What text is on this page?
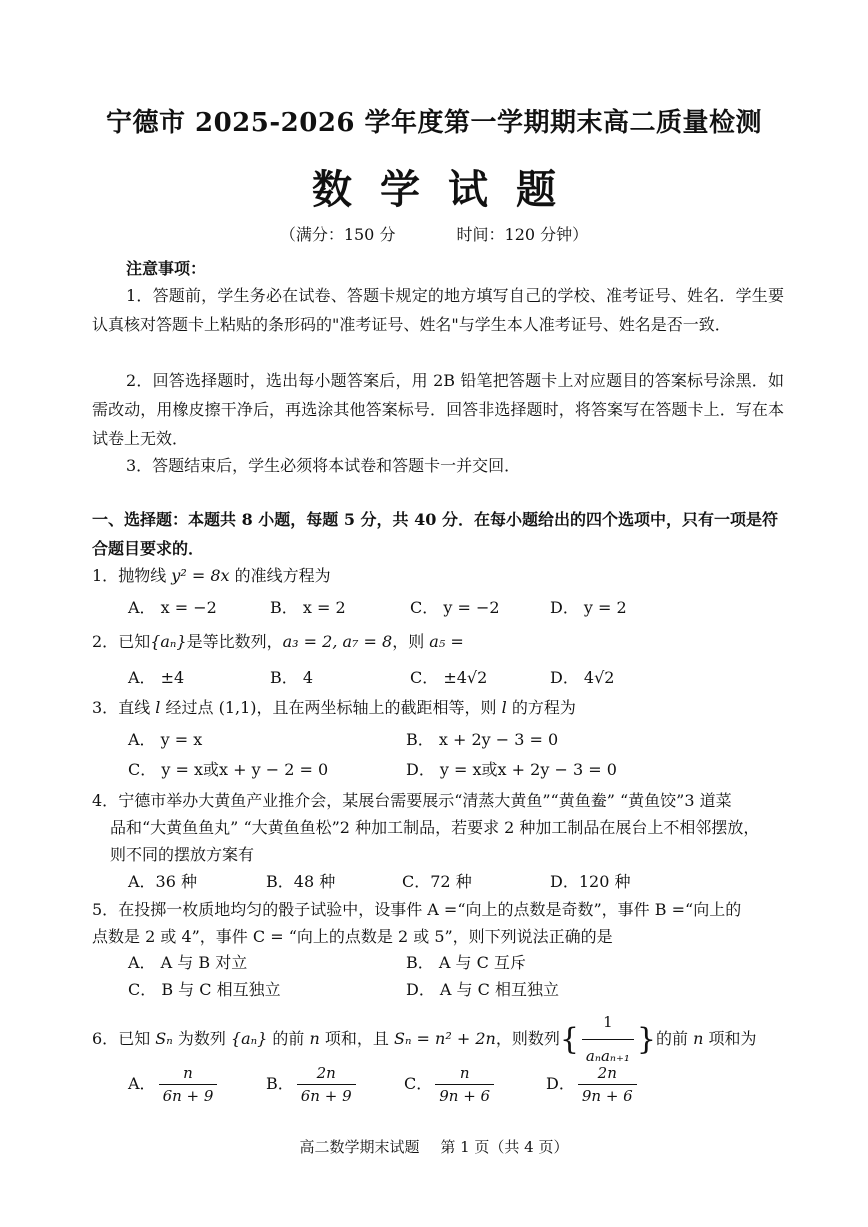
宁德市 2025-2026 学年度第一学期期末高二质量检测
数学试题
（满分：150 分	时间：120 分钟）
注意事项：
1．答题前，学生务必在试卷、答题卡规定的地方填写自己的学校、准考证号、姓名．学生要认真核对答题卡上粘贴的条形码的"准考证号、姓名"与学生本人准考证号、姓名是否一致．
2．回答选择题时，选出每小题答案后，用 2B 铅笔把答题卡上对应题目的答案标号涂黑．如需改动，用橡皮擦干净后，再选涂其他答案标号．回答非选择题时，将答案写在答题卡上．写在本试卷上无效．
3．答题结束后，学生必须将本试卷和答题卡一并交回．
一、选择题：本题共 8 小题，每题 5 分，共 40 分．在每小题给出的四个选项中，只有一项是符合题目要求的．
1．抛物线 y² = 8x 的准线方程为
A． x = −2	B． x = 2	C． y = −2	D． y = 2
2．已知{aₙ}是等比数列，a₃ = 2, a₇ = 8，则 a₅ =
A． ±4	B． 4	C． ±4√2	D． 4√2
3．直线 l 经过点 (1,1)，且在两坐标轴上的截距相等，则 l 的方程为
A． y = x	B． x + 2y − 3 = 0
C． y = x或x + y − 2 = 0	D． y = x或x + 2y − 3 = 0
4．宁德市举办大黄鱼产业推介会，某展台需要展示“清蒸大黄鱼”“黄鱼鲞” “黄鱼饺”3 道菜
品和“大黄鱼鱼丸” “大黄鱼鱼松”2 种加工制品，若要求 2 种加工制品在展台上不相邻摆放，
则不同的摆放方案有
A．36 种	B．48 种	C．72 种	D．120 种
5．在投掷一枚质地均匀的骰子试验中，设事件 A =“向上的点数是奇数”，事件 B =“向上的
点数是 2 或 4”，事件 C = “向上的点数是 2 或 5”，则下列说法正确的是
A． A 与 B 对立	B． A 与 C 互斥
C． B 与 C 相互独立	D． A 与 C 相互独立
6．已知 Sₙ 为数列 {aₙ} 的前 n 项和，且 Sₙ = n² + 2n，则数列{ $\frac{1}{\text{aₙaₙ₊₁}}$ }的前 n 项和为
A． $\frac{n}{6n + 9}$	B． $\frac{2n}{6n + 9}$	C． $\frac{n}{9n + 6}$	D． $\frac{2n}{9n + 6}$
高二数学期末试题 第 1 页（共 4 页）
